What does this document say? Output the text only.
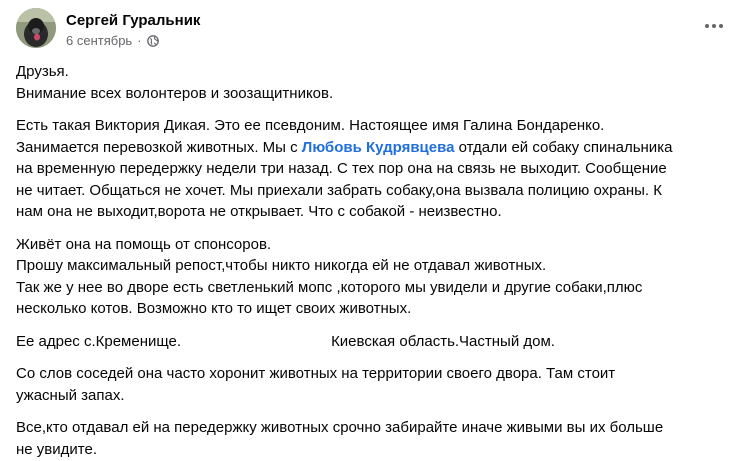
Сергей Гуральник
6 сентябрь ·
Друзья.
Внимание всех волонтеров и зоозащитников.
Есть такая Виктория Дикая. Это ее псевдоним. Настоящее имя Галина Бондаренко.
Занимается перевозкой животных. Мы с Любовь Кудрявцева отдали ей собаку спинальника
на временную передержку недели три назад. С тех пор она на связь не выходит. Сообщение
не читает. Общаться не хочет. Мы приехали забрать собаку,она вызвала полицию охраны. К
нам она не выходит,ворота не открывает. Что с собакой - неизвестно.
Живёт она на помощь от спонсоров.
Прошу максимальный репост,чтобы никто никогда ей не отдавал животных.
Так же у нее во дворе есть светленький мопс ,которого мы увидели и другие собаки,плюс
несколько котов. Возможно кто то ищет своих животных.
Ее адрес с.Кременище.	Киевская область.Частный дом.
Со слов соседей она часто хоронит животных на территории своего двора. Там стоит
ужасный запах.
Все,кто отдавал ей на передержку животных срочно забирайте иначе живыми вы их больше
не увидите.
